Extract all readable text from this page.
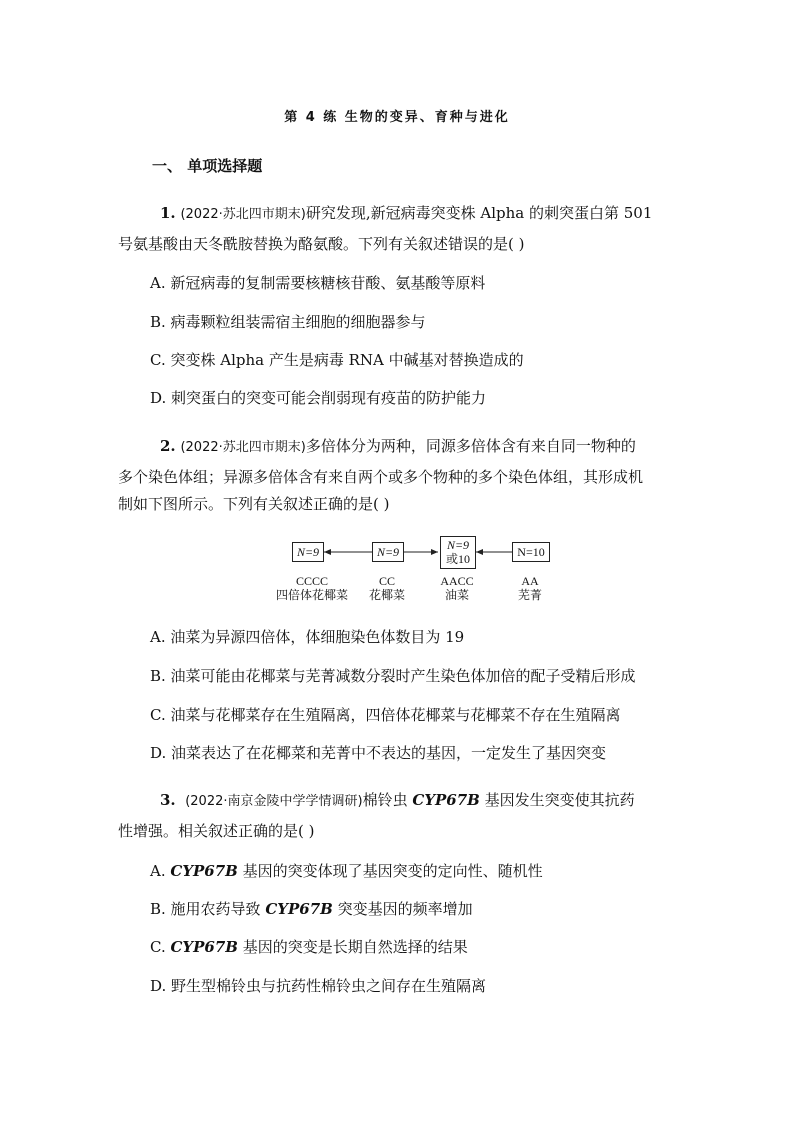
第 4 练 生物的变异、育种与进化
一、 单项选择题
1. (2022·苏北四市期末)研究发现,新冠病毒突变株 Alpha 的刺突蛋白第 501
号氨基酸由天冬酰胺替换为酪氨酸。下列有关叙述错误的是( )
A. 新冠病毒的复制需要核糖核苷酸、氨基酸等原料
B. 病毒颗粒组装需宿主细胞的细胞器参与
C. 突变株 Alpha 产生是病毒 RNA 中碱基对替换造成的
D. 刺突蛋白的突变可能会削弱现有疫苗的防护能力
2. (2022·苏北四市期末)多倍体分为两种，同源多倍体含有来自同一物种的
多个染色体组；异源多倍体含有来自两个或多个物种的多个染色体组，其形成机
制如下图所示。下列有关叙述正确的是( )
N=9	N=9	N=9
或10	N=10
CCCC
四倍体花椰菜
CC
花椰菜
AACC
油菜
AA
芜菁
A. 油菜为异源四倍体，体细胞染色体数目为 19
B. 油菜可能由花椰菜与芜菁减数分裂时产生染色体加倍的配子受精后形成
C. 油菜与花椰菜存在生殖隔离，四倍体花椰菜与花椰菜不存在生殖隔离
D. 油菜表达了在花椰菜和芜菁中不表达的基因，一定发生了基因突变
3. (2022·南京金陵中学学情调研)棉铃虫 CYP67B 基因发生突变使其抗药
性增强。相关叙述正确的是( )
A. CYP67B 基因的突变体现了基因突变的定向性、随机性
B. 施用农药导致 CYP67B 突变基因的频率增加
C. CYP67B 基因的突变是长期自然选择的结果
D. 野生型棉铃虫与抗药性棉铃虫之间存在生殖隔离
